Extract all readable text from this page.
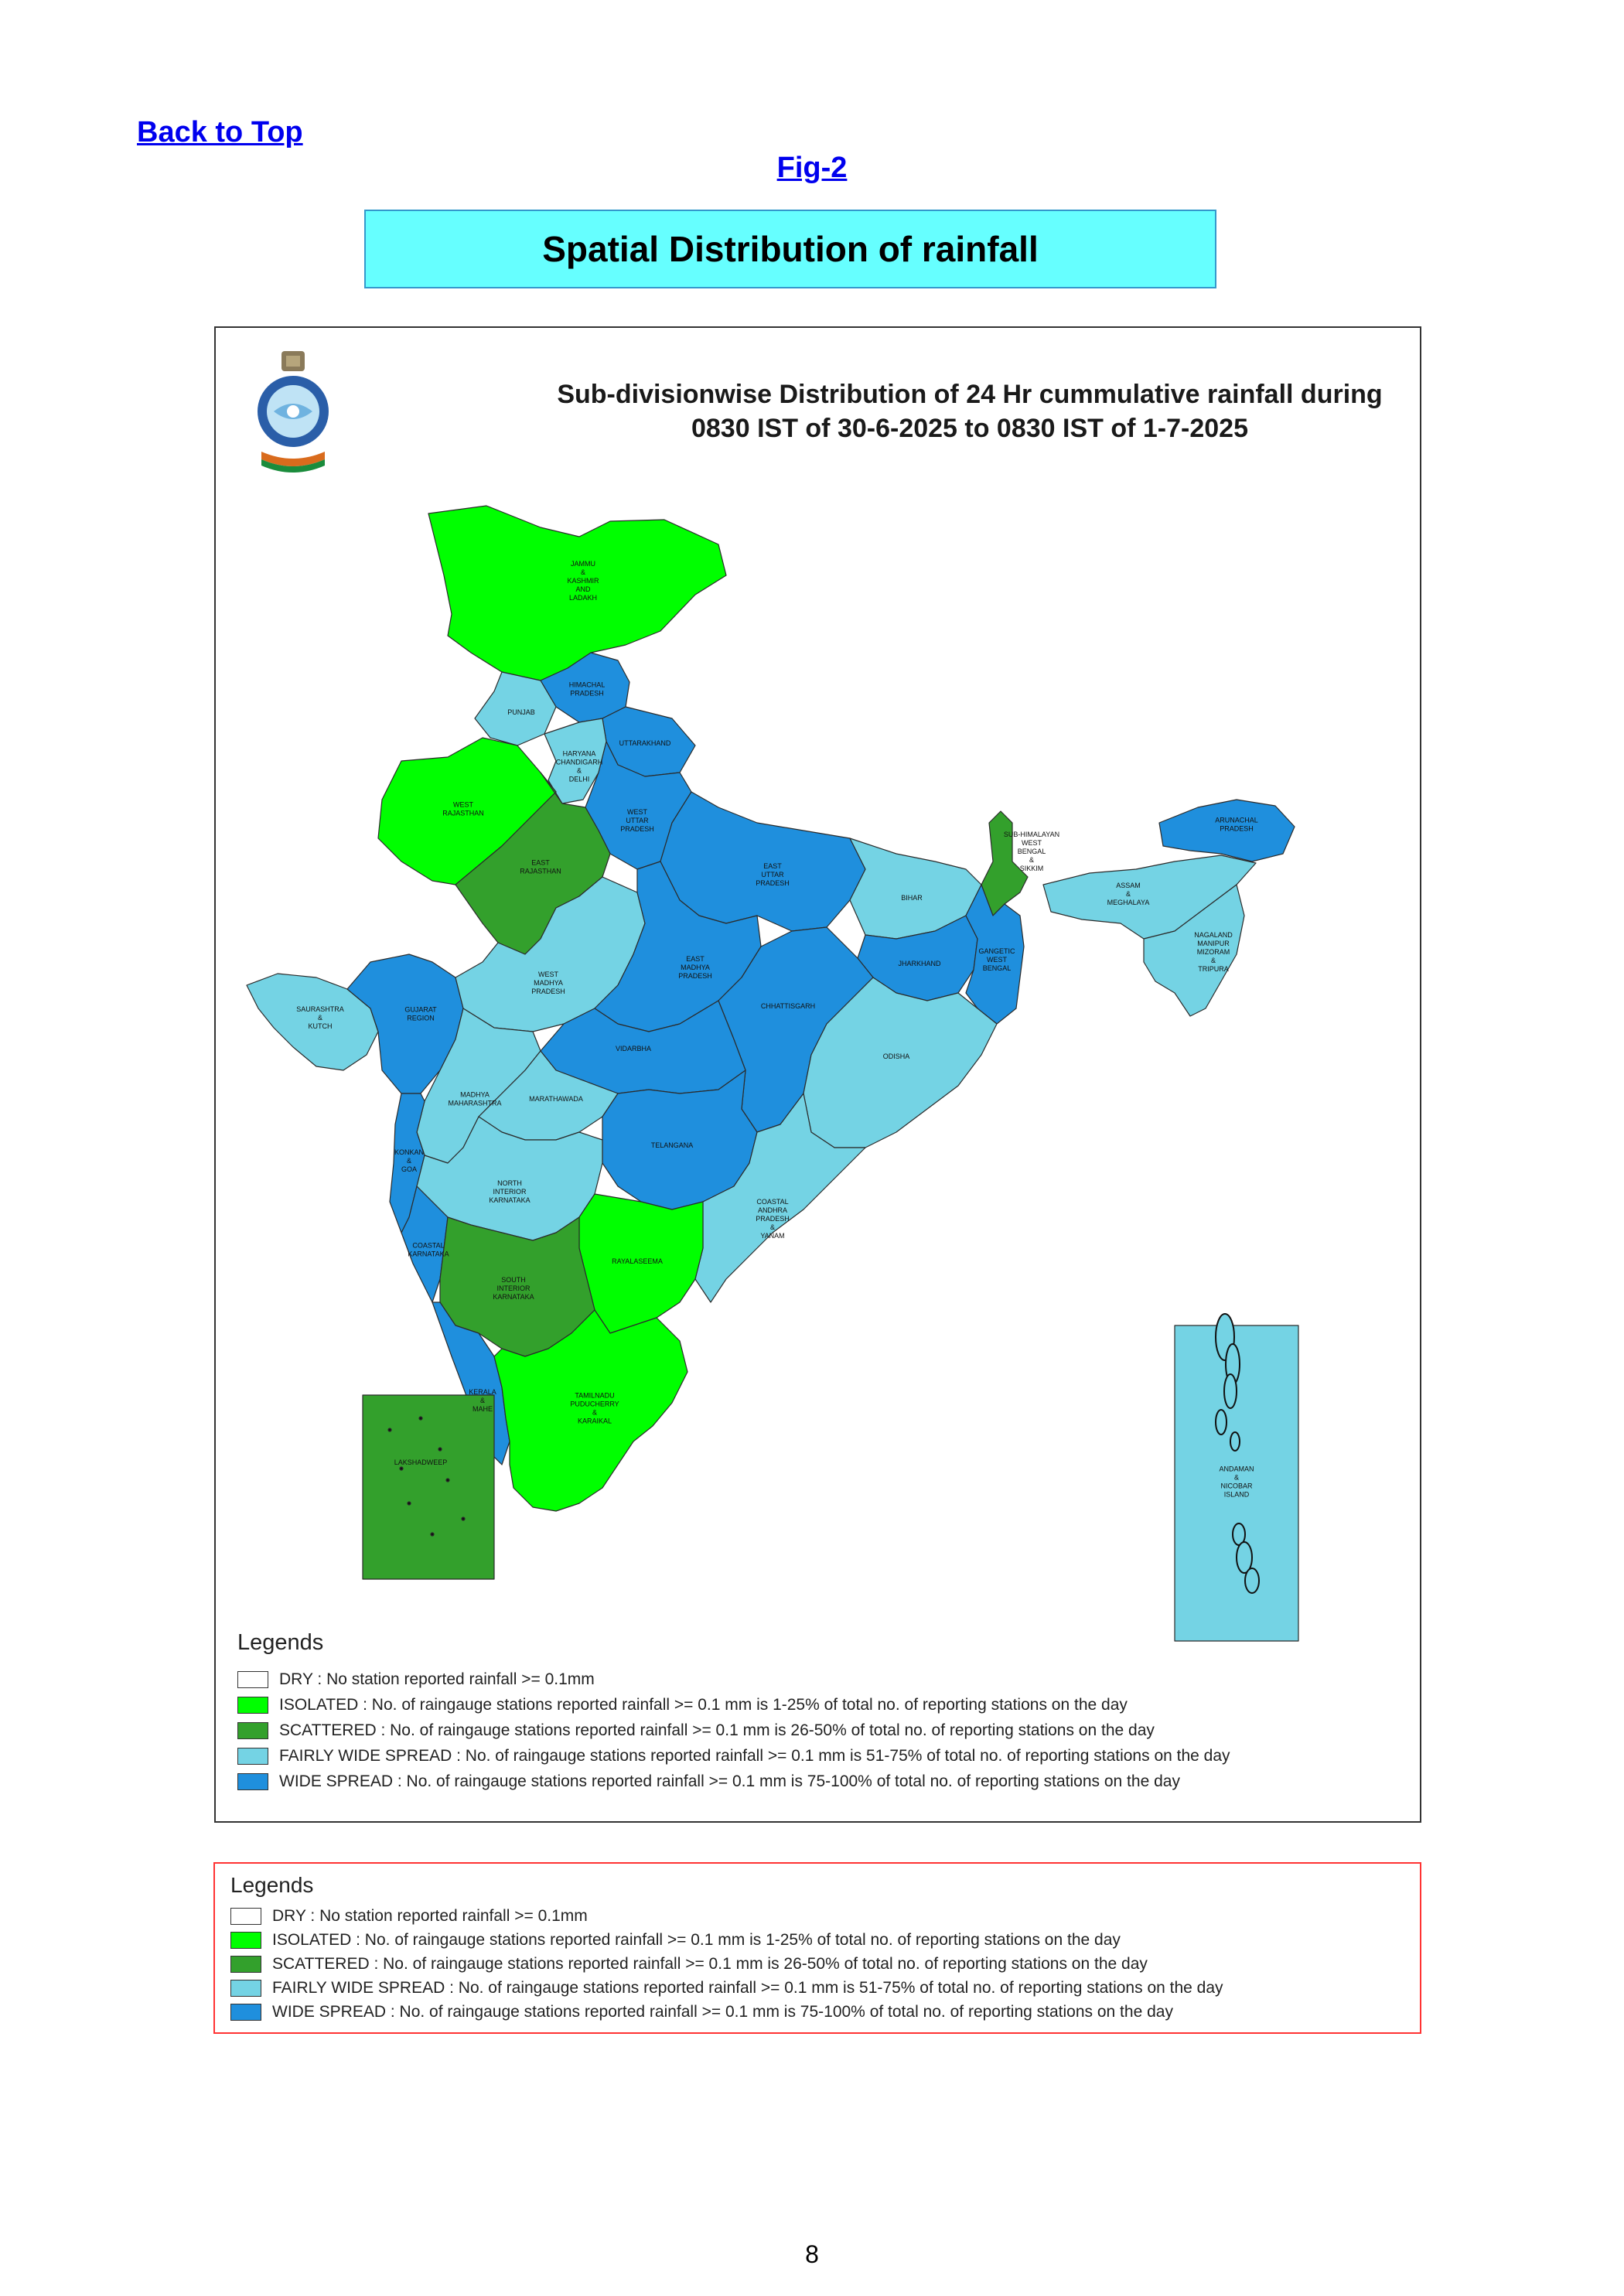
Back to Top
Fig-2
Spatial Distribution of rainfall
JAMMU & KASHMIR AND LADAKH
HIMACHAL PRADESH
PUNJAB
UTTARAKHAND
HARYANA CHANDIGARH & DELHI
WEST UTTAR PRADESH
WEST RAJASTHAN
EAST RAJASTHAN
EAST UTTAR PRADESH
BIHAR
SUB-HIMALAYAN WEST BENGAL & SIKKIM
ARUNACHAL PRADESH
ASSAM & MEGHALAYA
NAGALAND MANIPUR MIZORAM & TRIPURA
SAURASHTRA & KUTCH
GUJARAT REGION
WEST MADHYA PRADESH
EAST MADHYA PRADESH
JHARKHAND
GANGETIC WEST BENGAL
CHHATTISGARH
ODISHA
VIDARBHA
MADHYA MAHARASHTRA
MARATHAWADA
KONKAN & GOA
TELANGANA
NORTH INTERIOR KARNATAKA	COASTAL ANDHRA PRADESH & YANAM
RAYALASEEMA
COASTAL KARNATAKA
SOUTH INTERIOR KARNATAKA
KERALA & MAHE
TAMILNADU PUDUCHERRY & KARAIKAL
LAKSHADWEEP
ANDAMAN & NICOBAR ISLAND
Sub-divisionwise Distribution of 24 Hr cummulative rainfall during
0830 IST of 30-6-2025 to 0830 IST of 1-7-2025
Legends
DRY : No station reported rainfall >= 0.1mm
ISOLATED : No. of raingauge stations reported rainfall >= 0.1 mm is 1-25% of total no. of reporting stations on the day
SCATTERED : No. of raingauge stations reported rainfall >= 0.1 mm is 26-50% of total no. of reporting stations on the day
FAIRLY WIDE SPREAD : No. of raingauge stations reported rainfall >= 0.1 mm is 51-75% of total no. of reporting stations on the day
WIDE SPREAD : No. of raingauge stations reported rainfall >= 0.1 mm is 75-100% of total no. of reporting stations on the day
Legends
DRY : No station reported rainfall >= 0.1mm
ISOLATED : No. of raingauge stations reported rainfall >= 0.1 mm is 1-25% of total no. of reporting stations on the day
SCATTERED : No. of raingauge stations reported rainfall >= 0.1 mm is 26-50% of total no. of reporting stations on the day
FAIRLY WIDE SPREAD : No. of raingauge stations reported rainfall >= 0.1 mm is 51-75% of total no. of reporting stations on the day
WIDE SPREAD : No. of raingauge stations reported rainfall >= 0.1 mm is 75-100% of total no. of reporting stations on the day
8
